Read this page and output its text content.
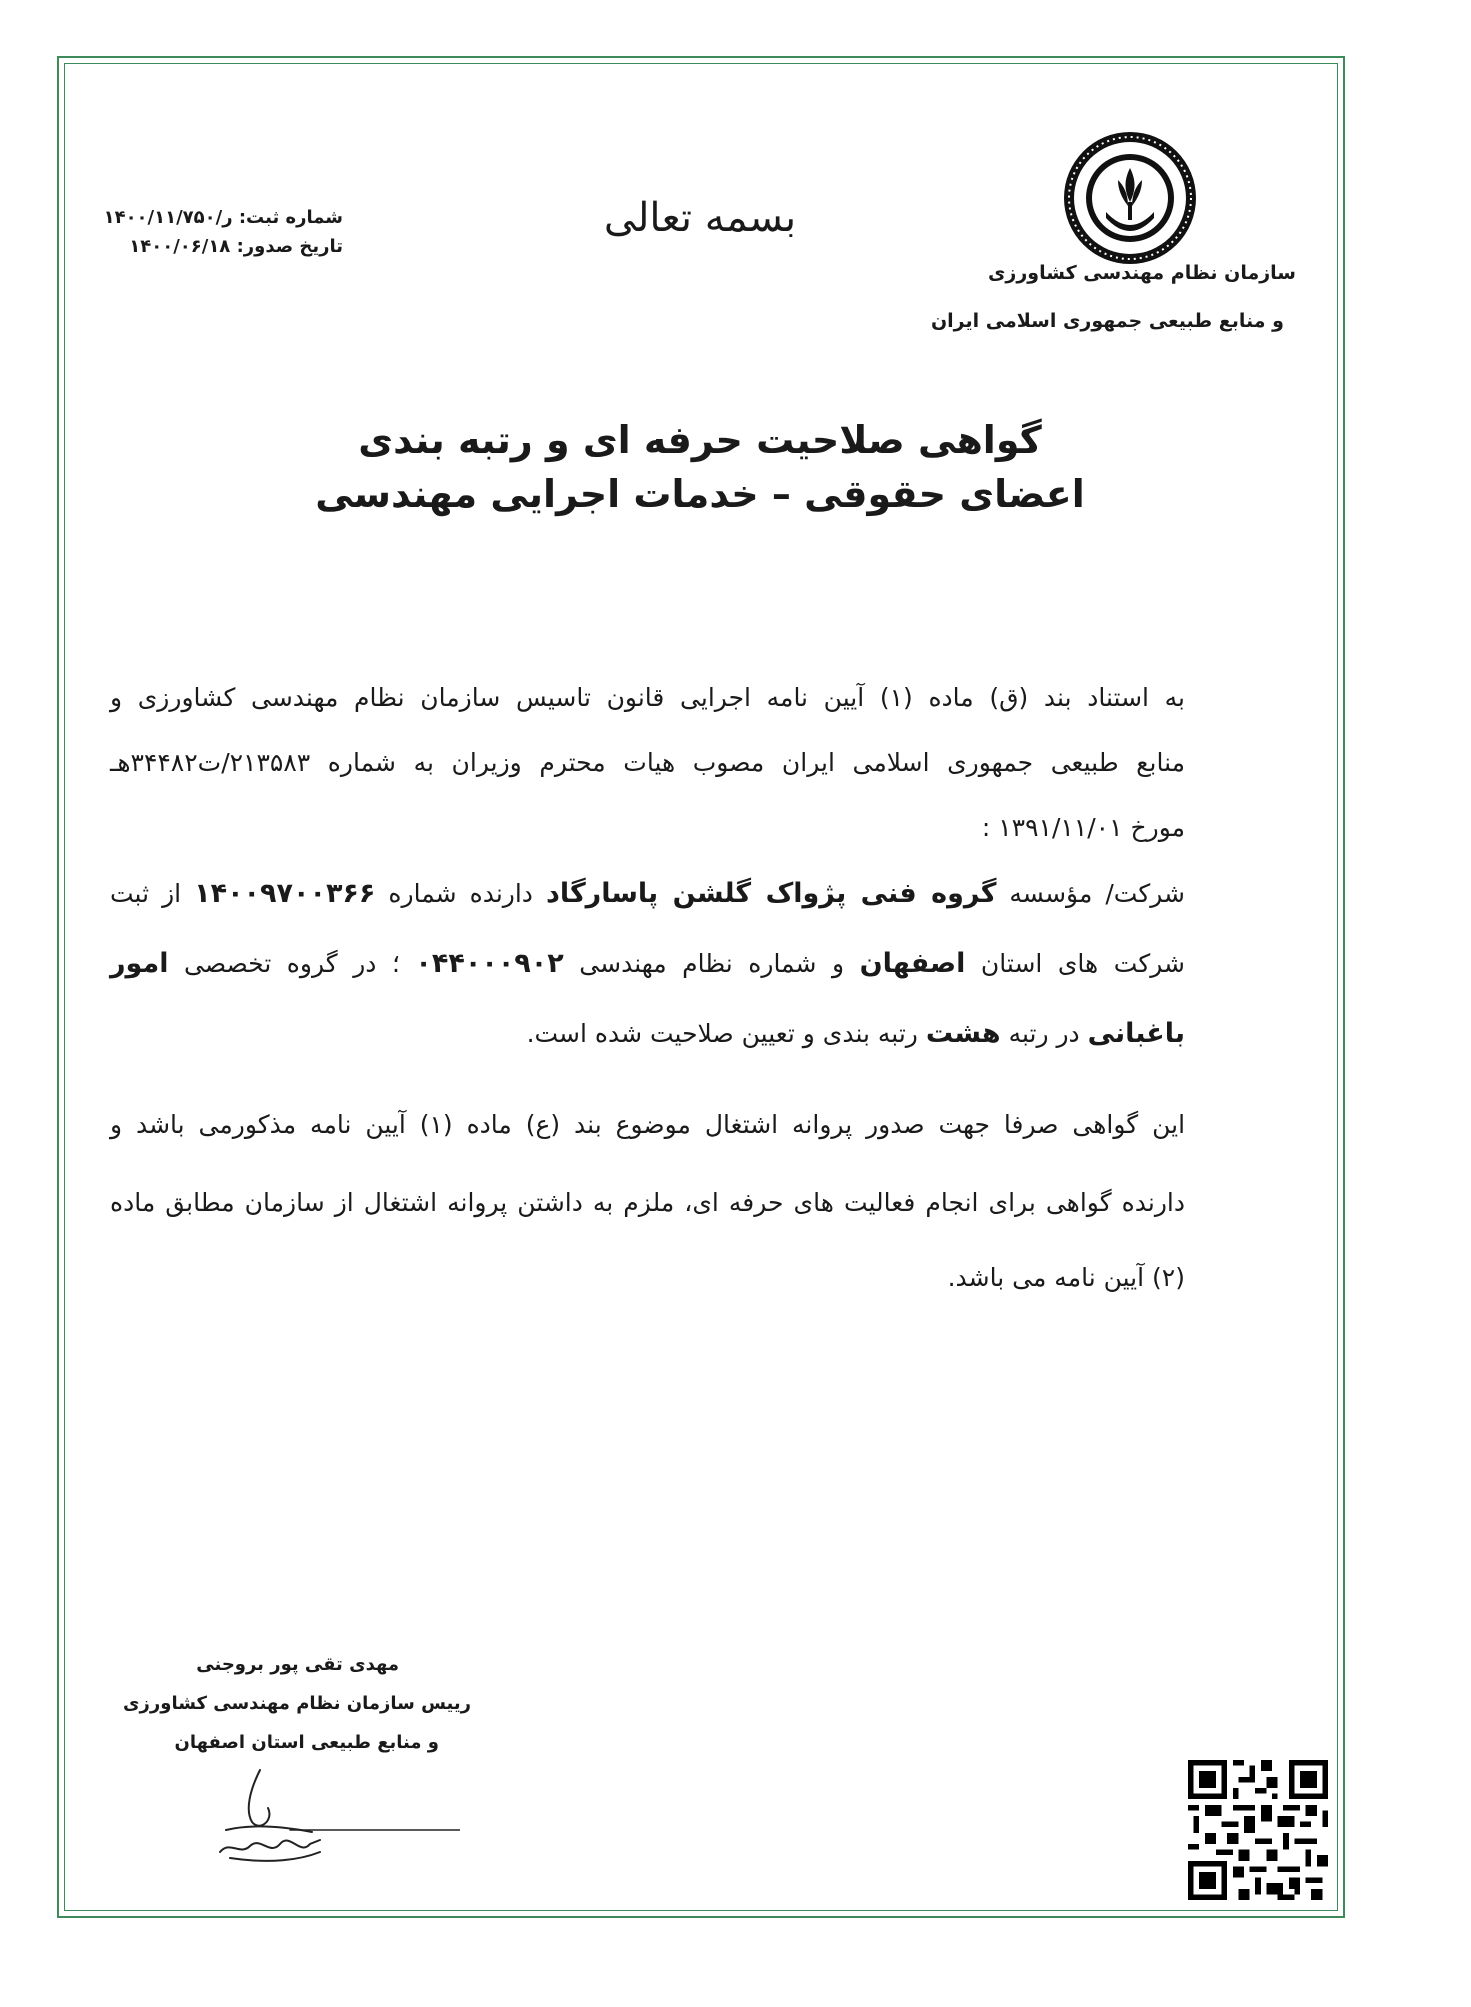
سازمان نظام مهندسی کشاورزی
و منابع طبیعی جمهوری اسلامی ایران
بسمه تعالی
شماره ثبت: ر/۱۴۰۰/۱۱/۷۵۰
تاریخ صدور: ۱۴۰۰/۰۶/۱۸
گواهی صلاحیت حرفه ای و رتبه بندی
اعضای حقوقی – خدمات اجرایی مهندسی
به استناد بند (ق) ماده (۱) آیین نامه اجرایی قانون تاسیس سازمان نظام مهندسی کشاورزی و
منابع طبیعی جمهوری اسلامی ایران مصوب هیات محترم وزیران به شماره ۲۱۳۵۸۳/ت۳۴۴۸۲هـ
مورخ ۱۳۹۱/۱۱/۰۱ :
شرکت/ مؤسسه گروه فنی پژواک گلشن پاسارگاد دارنده شماره ۱۴۰۰۹۷۰۰۳۶۶ از ثبت
شرکت های استان اصفهان و شماره نظام مهندسی ۰۴۴۰۰۰۹۰۲ ؛ در گروه تخصصی امور
باغبانی در رتبه هشت رتبه بندی و تعیین صلاحیت شده است.
این گواهی صرفا جهت صدور پروانه اشتغال موضوع بند (ع) ماده (۱) آیین نامه مذکورمی باشد و
دارنده گواهی برای انجام فعالیت های حرفه ای، ملزم به داشتن پروانه اشتغال از سازمان مطابق ماده
(۲) آیین نامه می باشد.
مهدی تقی پور بروجنی
رییس سازمان نظام مهندسی کشاورزی
و منابع طبیعی استان اصفهان
